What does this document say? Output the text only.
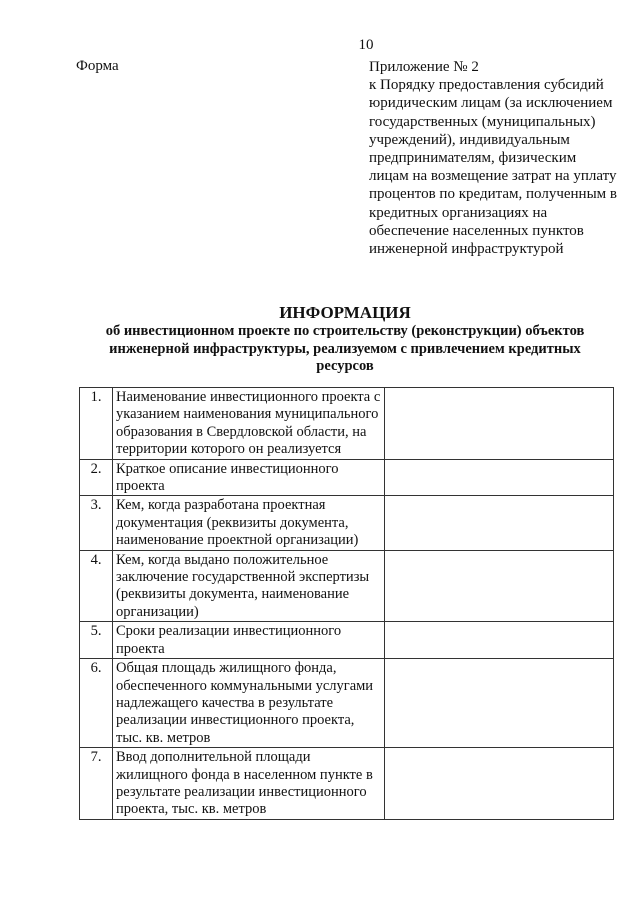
10
Форма	Приложение № 2
к Порядку предоставления субсидий юридическим лицам (за исключением государственных (муниципальных) учреждений), индивидуальным предпринимателям, физическим лицам на возмещение затрат на уплату процентов по кредитам, полученным в кредитных организациях на обеспечение населенных пунктов инженерной инфраструктурой
ИНФОРМАЦИЯ
об инвестиционном проекте по строительству (реконструкции) объектов инженерной инфраструктуры, реализуемом с привлечением кредитных ресурсов
1.	Наименование инвестиционного проекта с указанием наименования муниципального образования в Свердловской области, на территории которого он реализуется	
2.	Краткое описание инвестиционного проекта	
3.	Кем, когда разработана проектная документация (реквизиты документа, наименование проектной организации)	
4.	Кем, когда выдано положительное заключение государственной экспертизы (реквизиты документа, наименование организации)	
5.	Сроки реализации инвестиционного проекта	
6.	Общая площадь жилищного фонда, обеспеченного коммунальными услугами надлежащего качества в результате реализации инвестиционного проекта, тыс. кв. метров	
7.	Ввод дополнительной площади жилищного фонда в населенном пункте в результате реализации инвестиционного проекта, тыс. кв. метров	
